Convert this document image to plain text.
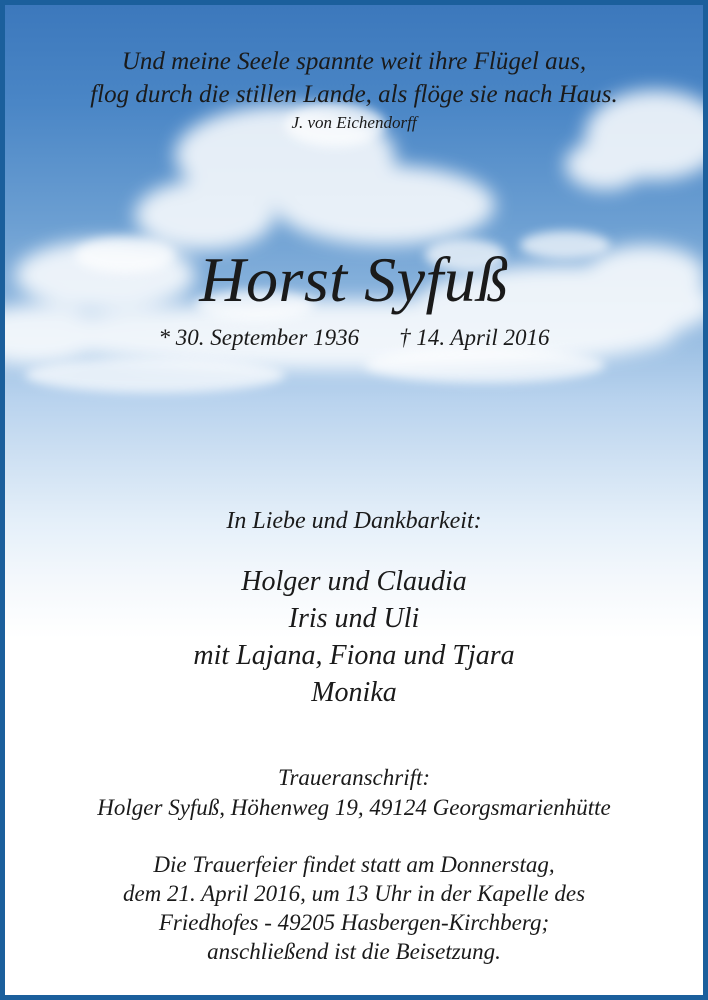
Und meine Seele spannte weit ihre Flügel aus,
flog durch die stillen Lande, als flöge sie nach Haus.
J. von Eichendorff
Horst Syfuß
* 30. September 1936 † 14. April 2016
In Liebe und Dankbarkeit:
Holger und Claudia
Iris und Uli
mit Lajana, Fiona und Tjara
Monika
Traueranschrift:
Holger Syfuß, Höhenweg 19, 49124 Georgsmarienhütte
Die Trauerfeier findet statt am Donnerstag,
dem 21. April 2016, um 13 Uhr in der Kapelle des
Friedhofes - 49205 Hasbergen-Kirchberg;
anschließend ist die Beisetzung.
